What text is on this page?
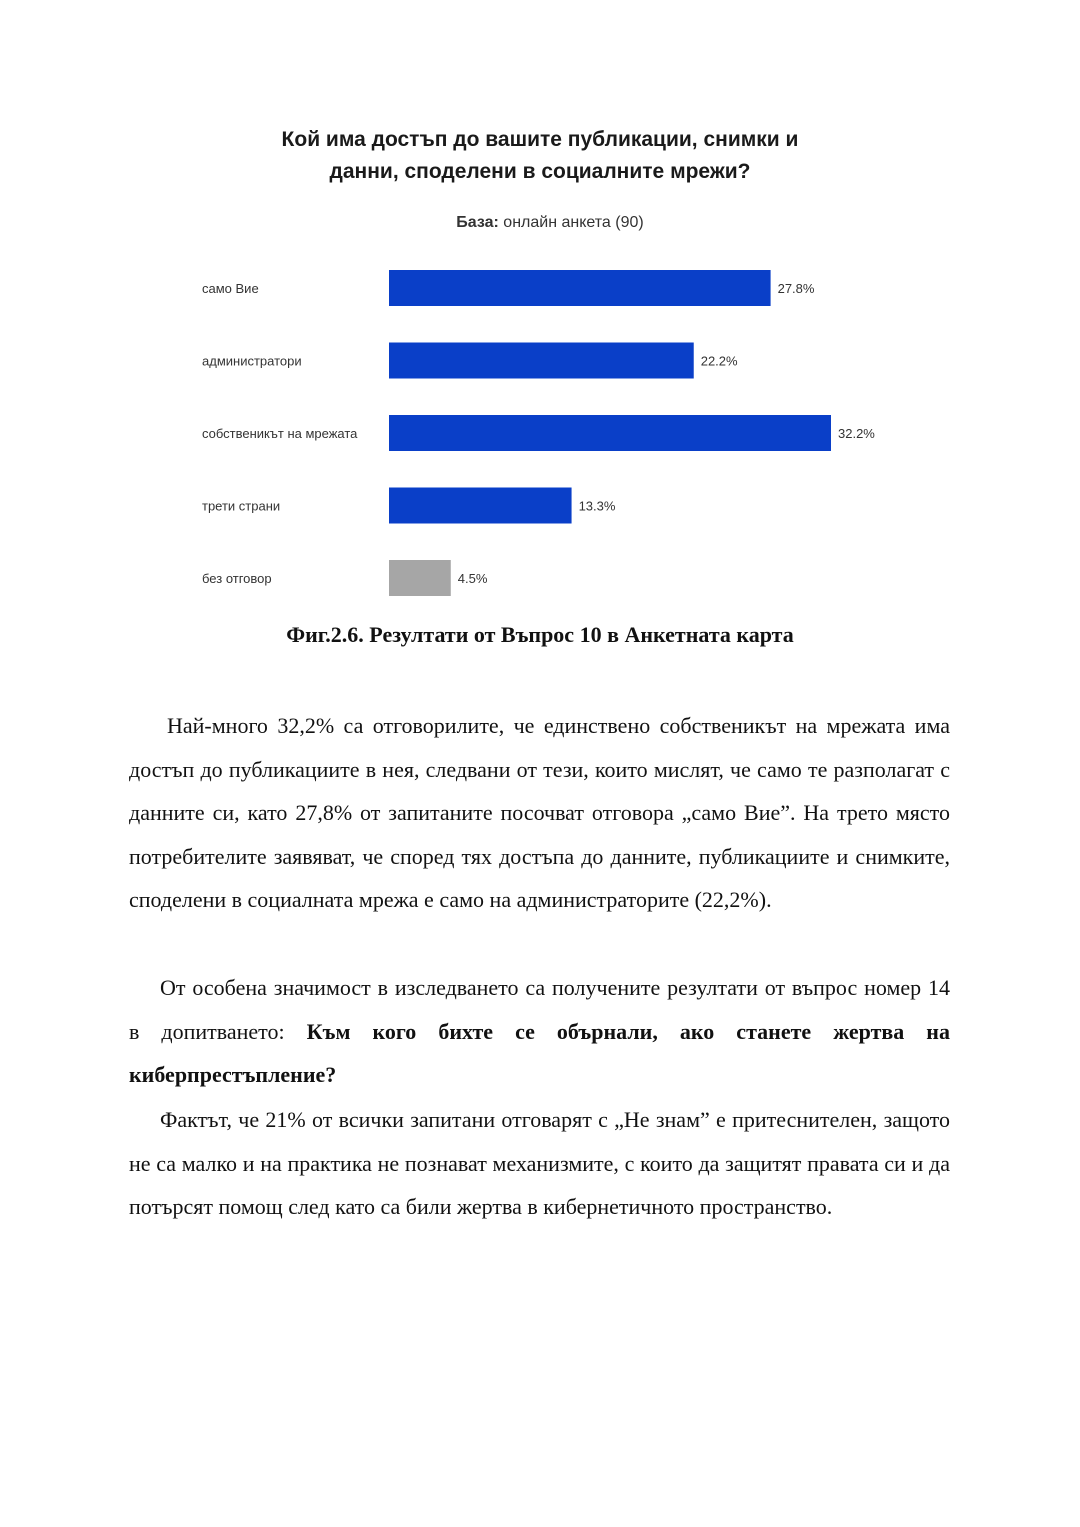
Кой има достъп до вашите публикации, снимки и
данни, споделени в социалните мрежи?
База: онлайн анкета (90)
само Вие	27.8%
администратори	22.2%
собственикът на мрежата	32.2%
трети страни	13.3%
без отговор	4.5%

Фиг.2.6. Резултати от Въпрос 10 в Анкетната карта

Най-много 32,2% са отговорилите, че единствено собственикът на мрежата има достъп до публикациите в нея, следвани от тези, които мислят, че само те разполагат с данните си, като 27,8% от запитаните посочват отговора „само Вие”. На трето място потребителите заявяват, че според тях достъпа до данните, публикациите и снимките, споделени в социалната мрежа е само на администраторите (22,2%).

От особена значимост в изследването са получените резултати от въпрос номер 14 в допитването: Към кого бихте се обърнали, ако станете жертва на киберпрестъпление?

Фактът, че 21% от всички запитани отговарят с „Не знам” е притеснителен, защото не са малко и на практика не познават механизмите, с които да защитят правата си и да потърсят помощ след като са били жертва в кибернетичното пространство.
